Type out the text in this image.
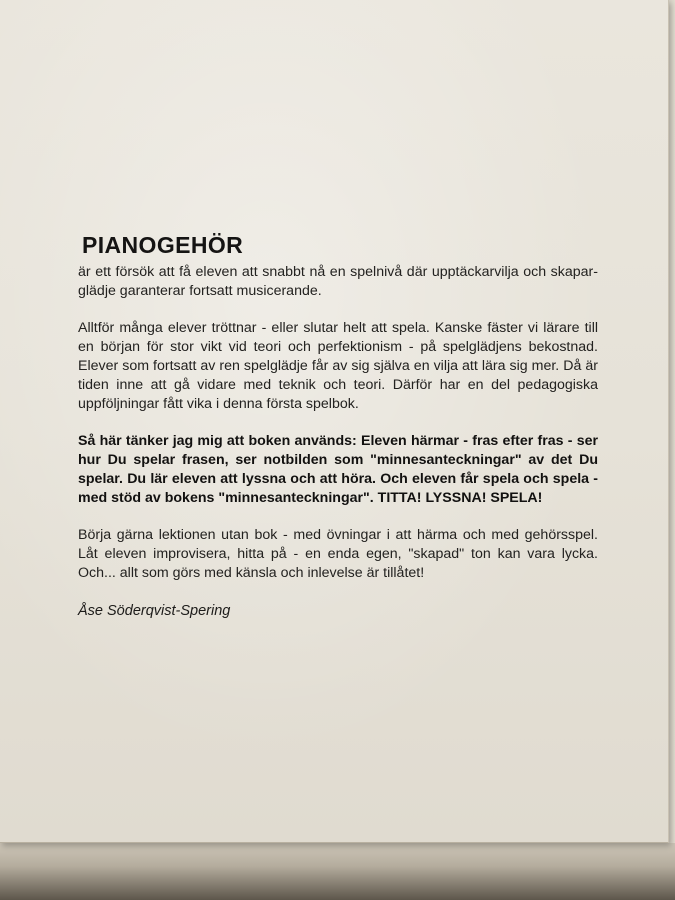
PIANOGEHÖR

är ett försök att få eleven att snabbt nå en spelnivå där upptäckarvilja och skaparglädje garanterar fortsatt musicerande.

Alltför många elever tröttnar - eller slutar helt att spela. Kanske fäster vi lärare till en början för stor vikt vid teori och perfektionism - på spelglädjens bekostnad. Elever som fortsatt av ren spelglädje får av sig själva en vilja att lära sig mer. Då är tiden inne att gå vidare med teknik och teori. Därför har en del pedagogiska uppföljningar fått vika i denna första spelbok.

Så här tänker jag mig att boken används: Eleven härmar - fras efter fras - ser hur Du spelar frasen, ser notbilden som "minnesanteckningar" av det Du spelar. Du lär eleven att lyssna och att höra. Och eleven får spela och spela - med stöd av bokens "minnesanteckningar". TITTA! LYSSNA! SPELA!

Börja gärna lektionen utan bok - med övningar i att härma och med gehörsspel. Låt eleven improvisera, hitta på - en enda egen, "skapad" ton kan vara lycka. Och... allt som görs med känsla och inlevelse är tillåtet!

Åse Söderqvist-Spering
